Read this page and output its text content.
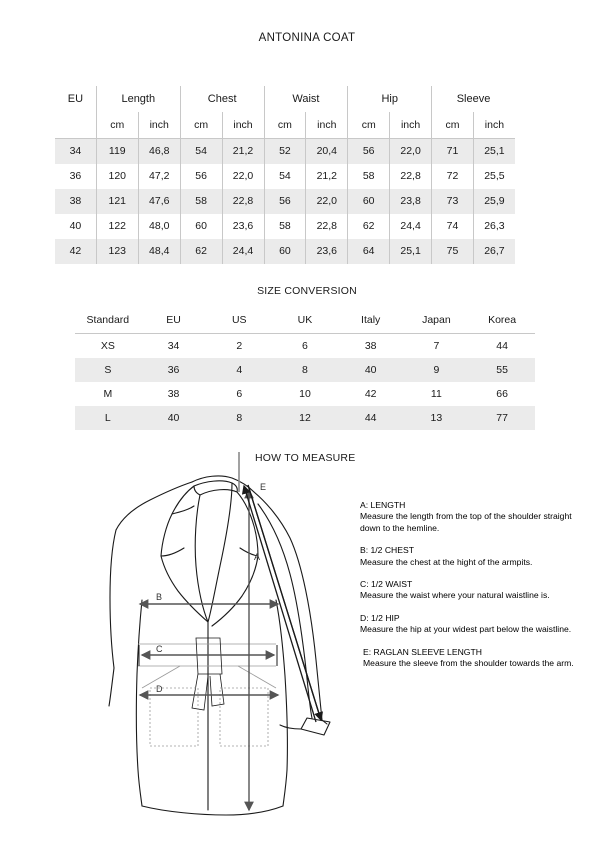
ANTONINA COAT
EU	Length		Chest		Waist		Hip		Sleeve	
	cm	inch	cm	inch	cm	inch	cm	inch	cm	inch
34	119	46,8	54	21,2	52	20,4	56	22,0	71	25,1
36	120	47,2	56	22,0	54	21,2	58	22,8	72	25,5
38	121	47,6	58	22,8	56	22,0	60	23,8	73	25,9
40	122	48,0	60	23,6	58	22,8	62	24,4	74	26,3
42	123	48,4	62	24,4	60	23,6	64	25,1	75	26,7
SIZE CONVERSION
Standard	EU	US	UK	Italy	Japan	Korea
XS	34	2	6	38	7	44
S	36	4	8	40	9	55
M	38	6	10	42	11	66
L	40	8	12	44	13	77
HOW TO MEASURE
A: LENGTH
Measure the length from the top of the shoulder straight down to the hemline.
B: 1/2 CHEST
Measure the chest at the hight of the armpits.
C: 1/2 WAIST
Measure the waist where your natural waistline is.
D: 1/2 HIP
Measure the hip at your widest part below the waistline.
E: RAGLAN SLEEVE LENGTH
Measure the sleeve from the shoulder towards the arm.
A
B
C
D
E
